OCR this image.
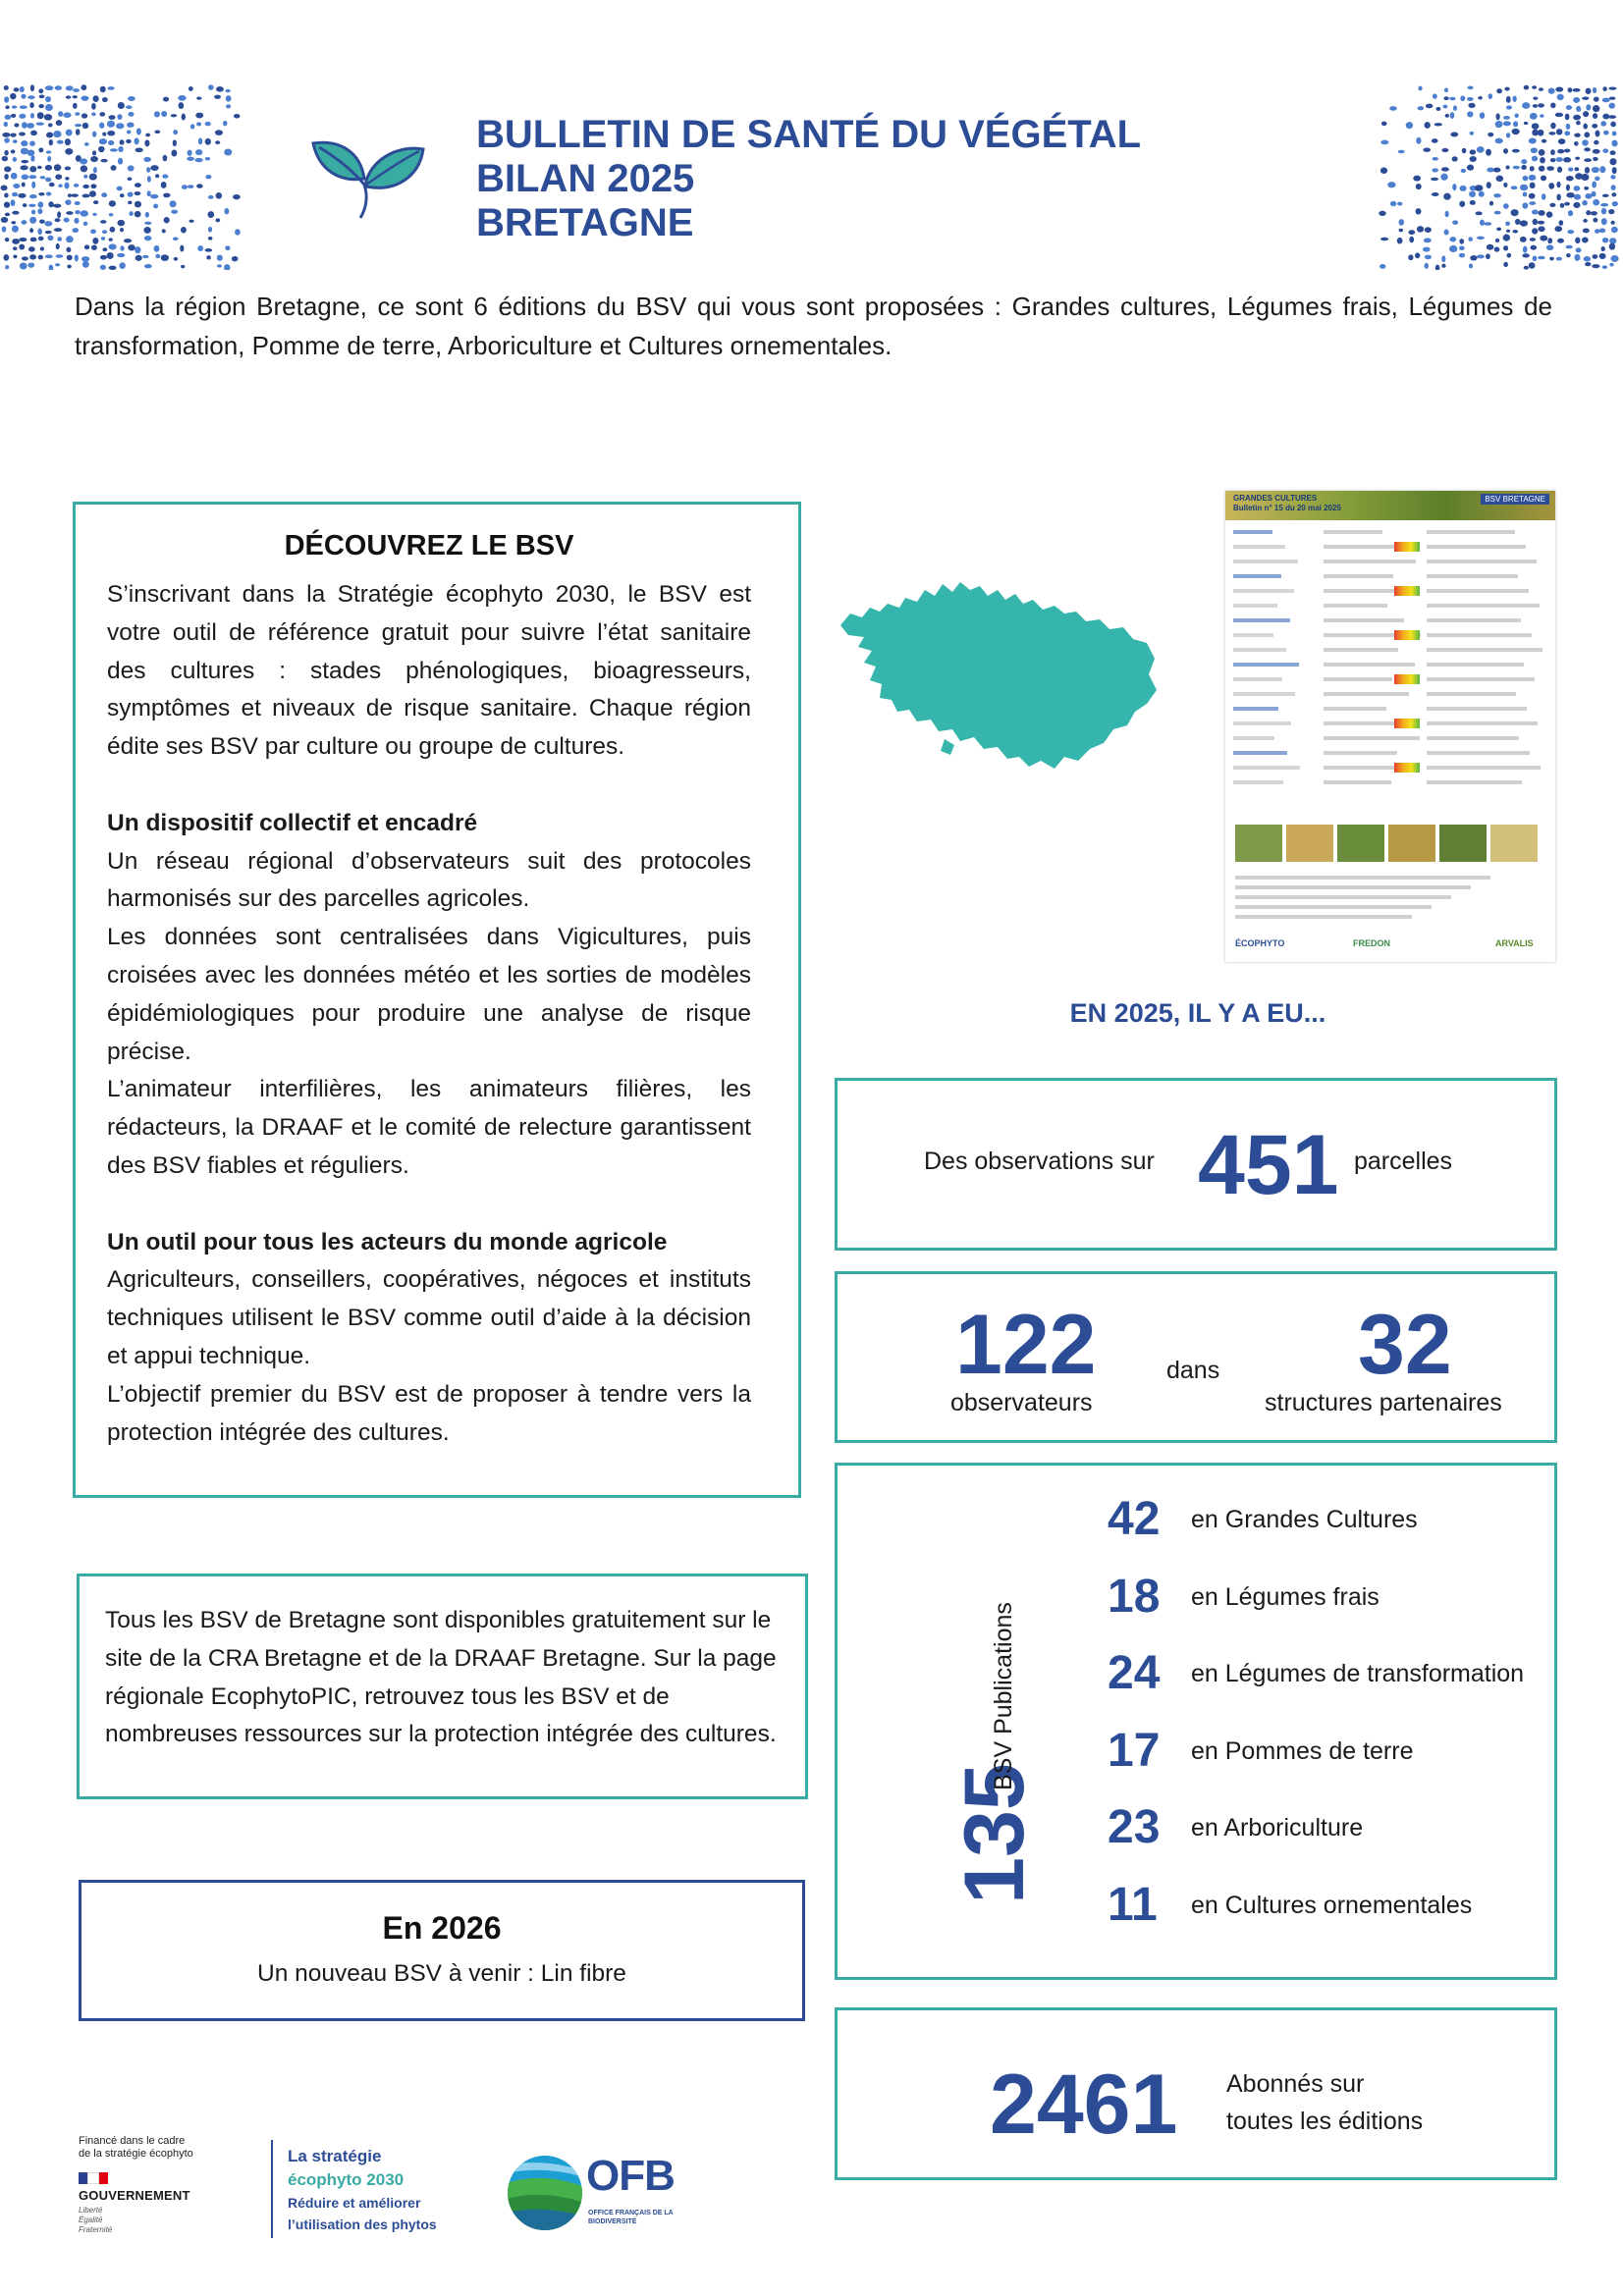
BULLETIN DE SANTÉ DU VÉGÉTAL
BILAN 2025
BRETAGNE

Dans la région Bretagne, ce sont 6 éditions du BSV qui vous sont proposées : Grandes cultures, Légumes frais, Légumes de transformation, Pomme de terre, Arboriculture et Cultures ornementales.

DÉCOUVREZ LE BSV

S’inscrivant dans la Stratégie écophyto 2030, le BSV est votre outil de référence gratuit pour suivre l’état sanitaire des cultures : stades phénologiques, bioagresseurs, symptômes et niveaux de risque sanitaire. Chaque région édite ses BSV par culture ou groupe de cultures.

Un dispositif collectif et encadré

Un réseau régional d’observateurs suit des protocoles harmonisés sur des parcelles agricoles.

Les données sont centralisées dans Vigicultures, puis croisées avec les données météo et les sorties de modèles épidémiologiques pour produire une analyse de risque précise.

L’animateur interfilières, les animateurs filières, les rédacteurs, la DRAAF et le comité de relecture garantissent des BSV fiables et réguliers.

Un outil pour tous les acteurs du monde agricole

Agriculteurs, conseillers, coopératives, négoces et instituts techniques utilisent le BSV comme outil d’aide à la décision et appui technique.

L’objectif premier du BSV est de proposer à tendre vers la protection intégrée des cultures.

Tous les BSV de Bretagne sont disponibles gratuitement sur le site de la CRA Bretagne et de la DRAAF Bretagne. Sur la page régionale EcophytoPIC, retrouvez tous les BSV et de nombreuses ressources sur la protection intégrée des cultures.

En 2026
Un nouveau BSV à venir : Lin fibre
GRANDES CULTURES
Bulletin n° 15 du 20 mai 2025
BSV BRETAGNE
ÉCOPHYTO	FREDON	ARVALIS
EN 2025, IL Y A EU...
Des observations sur 451 parcelles
122
observateurs
dans 32
structures partenaires
135
BSV Publications
42 en Grandes Cultures
18 en Légumes frais
24 en Légumes de transformation
17 en Pommes de terre
23 en Arboriculture
11 en Cultures ornementales
2461 Abonnés sur
toutes les éditions
Financé dans le cadre
de la stratégie écophyto
GOUVERNEMENT
Liberté
Égalité
Fraternité
La stratégie
écophyto 2030
Réduire et améliorer
l’utilisation des phytos
OFB
OFFICE FRANÇAIS DE LA BIODIVERSITÉ
